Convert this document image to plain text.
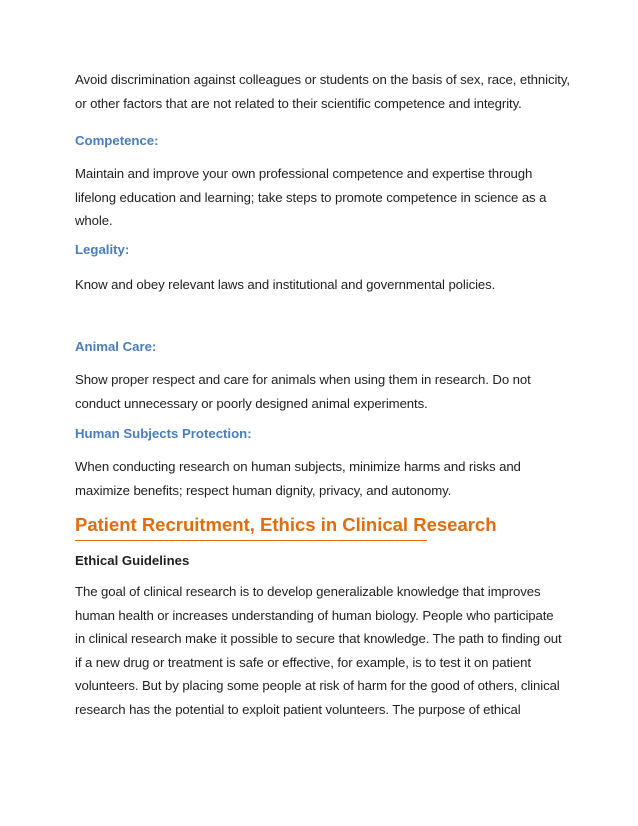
Avoid discrimination against colleagues or students on the basis of sex, race, ethnicity,
or other factors that are not related to their scientific competence and integrity.

Competence:

Maintain and improve your own professional competence and expertise through
lifelong education and learning; take steps to promote competence in science as a
whole.

Legality:

Know and obey relevant laws and institutional and governmental policies.

Animal Care:

Show proper respect and care for animals when using them in research. Do not
conduct unnecessary or poorly designed animal experiments.

Human Subjects Protection:

When conducting research on human subjects, minimize harms and risks and
maximize benefits; respect human dignity, privacy, and autonomy.

Patient Recruitment, Ethics in Clinical Research
Ethical Guidelines

The goal of clinical research is to develop generalizable knowledge that improves
human health or increases understanding of human biology. People who participate
in clinical research make it possible to secure that knowledge. The path to finding out
if a new drug or treatment is safe or effective, for example, is to test it on patient
volunteers. But by placing some people at risk of harm for the good of others, clinical
research has the potential to exploit patient volunteers. The purpose of ethical
